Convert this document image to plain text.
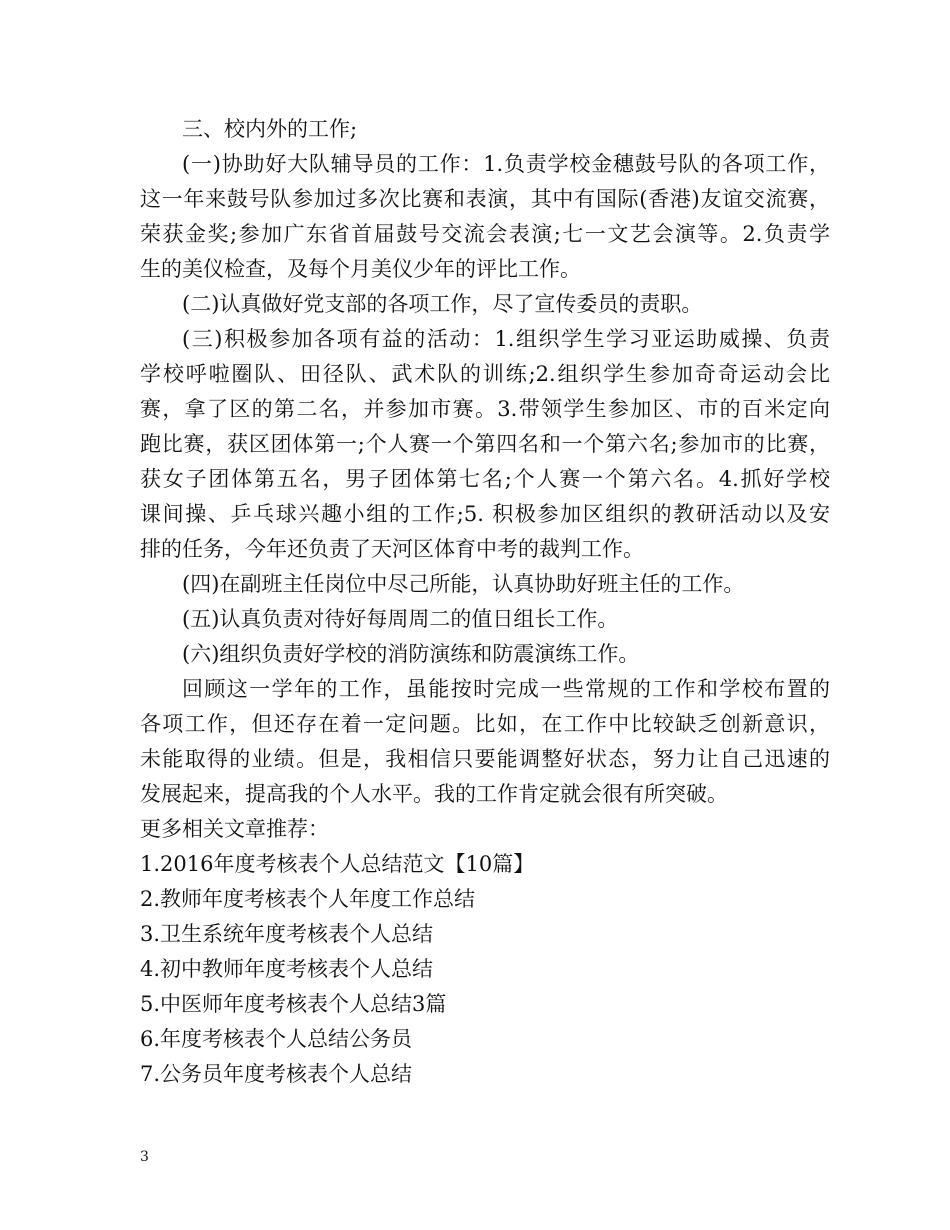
三、校内外的工作;
(一)协助好大队辅导员的工作：1.负责学校金穗鼓号队的各项工作，
这一年来鼓号队参加过多次比赛和表演，其中有国际(香港)友谊交流赛，
荣获金奖;参加广东省首届鼓号交流会表演;七一文艺会演等。2.负责学
生的美仪检查，及每个月美仪少年的评比工作。
(二)认真做好党支部的各项工作，尽了宣传委员的责职。
(三)积极参加各项有益的活动：1.组织学生学习亚运助威操、负责
学校呼啦圈队、田径队、武术队的训练;2.组织学生参加奇奇运动会比
赛，拿了区的第二名，并参加市赛。3.带领学生参加区、市的百米定向
跑比赛，获区团体第一;个人赛一个第四名和一个第六名;参加市的比赛，
获女子团体第五名，男子团体第七名;个人赛一个第六名。4.抓好学校
课间操、乒乓球兴趣小组的工作;5. 积极参加区组织的教研活动以及安
排的任务，今年还负责了天河区体育中考的裁判工作。
(四)在副班主任岗位中尽己所能，认真协助好班主任的工作。
(五)认真负责对待好每周周二的值日组长工作。
(六)组织负责好学校的消防演练和防震演练工作。
回顾这一学年的工作，虽能按时完成一些常规的工作和学校布置的
各项工作，但还存在着一定问题。比如，在工作中比较缺乏创新意识，
未能取得的业绩。但是，我相信只要能调整好状态，努力让自己迅速的
发展起来，提高我的个人水平。我的工作肯定就会很有所突破。
更多相关文章推荐：
1.2016年度考核表个人总结范文【10篇】
2.教师年度考核表个人年度工作总结
3.卫生系统年度考核表个人总结
4.初中教师年度考核表个人总结
5.中医师年度考核表个人总结3篇
6.年度考核表个人总结公务员
7.公务员年度考核表个人总结
3
